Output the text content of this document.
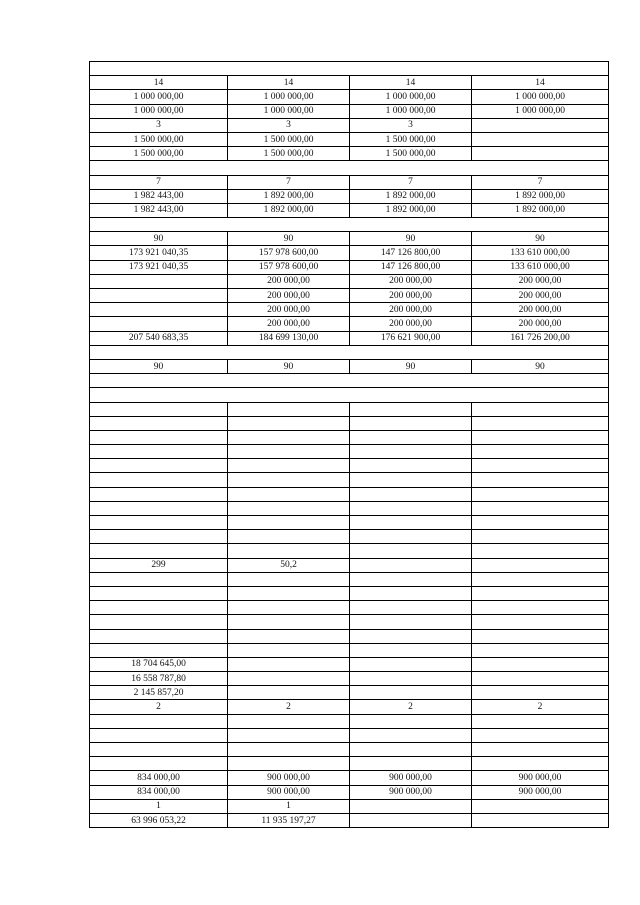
14	14	14	14
1 000 000,00	1 000 000,00	1 000 000,00	1 000 000,00
1 000 000,00	1 000 000,00	1 000 000,00	1 000 000,00
3	3	3	
1 500 000,00	1 500 000,00	1 500 000,00	
1 500 000,00	1 500 000,00	1 500 000,00	

7	7	7	7
1 982 443,00	1 892 000,00	1 892 000,00	1 892 000,00
1 982 443,00	1 892 000,00	1 892 000,00	1 892 000,00

90	90	90	90
173 921 040,35	157 978 600,00	147 126 800,00	133 610 000,00
173 921 040,35	157 978 600,00	147 126 800,00	133 610 000,00
	200 000,00	200 000,00	200 000,00
	200 000,00	200 000,00	200 000,00
	200 000,00	200 000,00	200 000,00
	200 000,00	200 000,00	200 000,00
207 540 683,35	184 699 130,00	176 621 900,00	161 726 200,00

90	90	90	90

299	50,2		

18 704 645,00			
16 558 787,80			
2 145 857,20			
2	2	2	2

834 000,00	900 000,00	900 000,00	900 000,00
834 000,00	900 000,00	900 000,00	900 000,00
1	1		
63 996 053,22	11 935 197,27		
